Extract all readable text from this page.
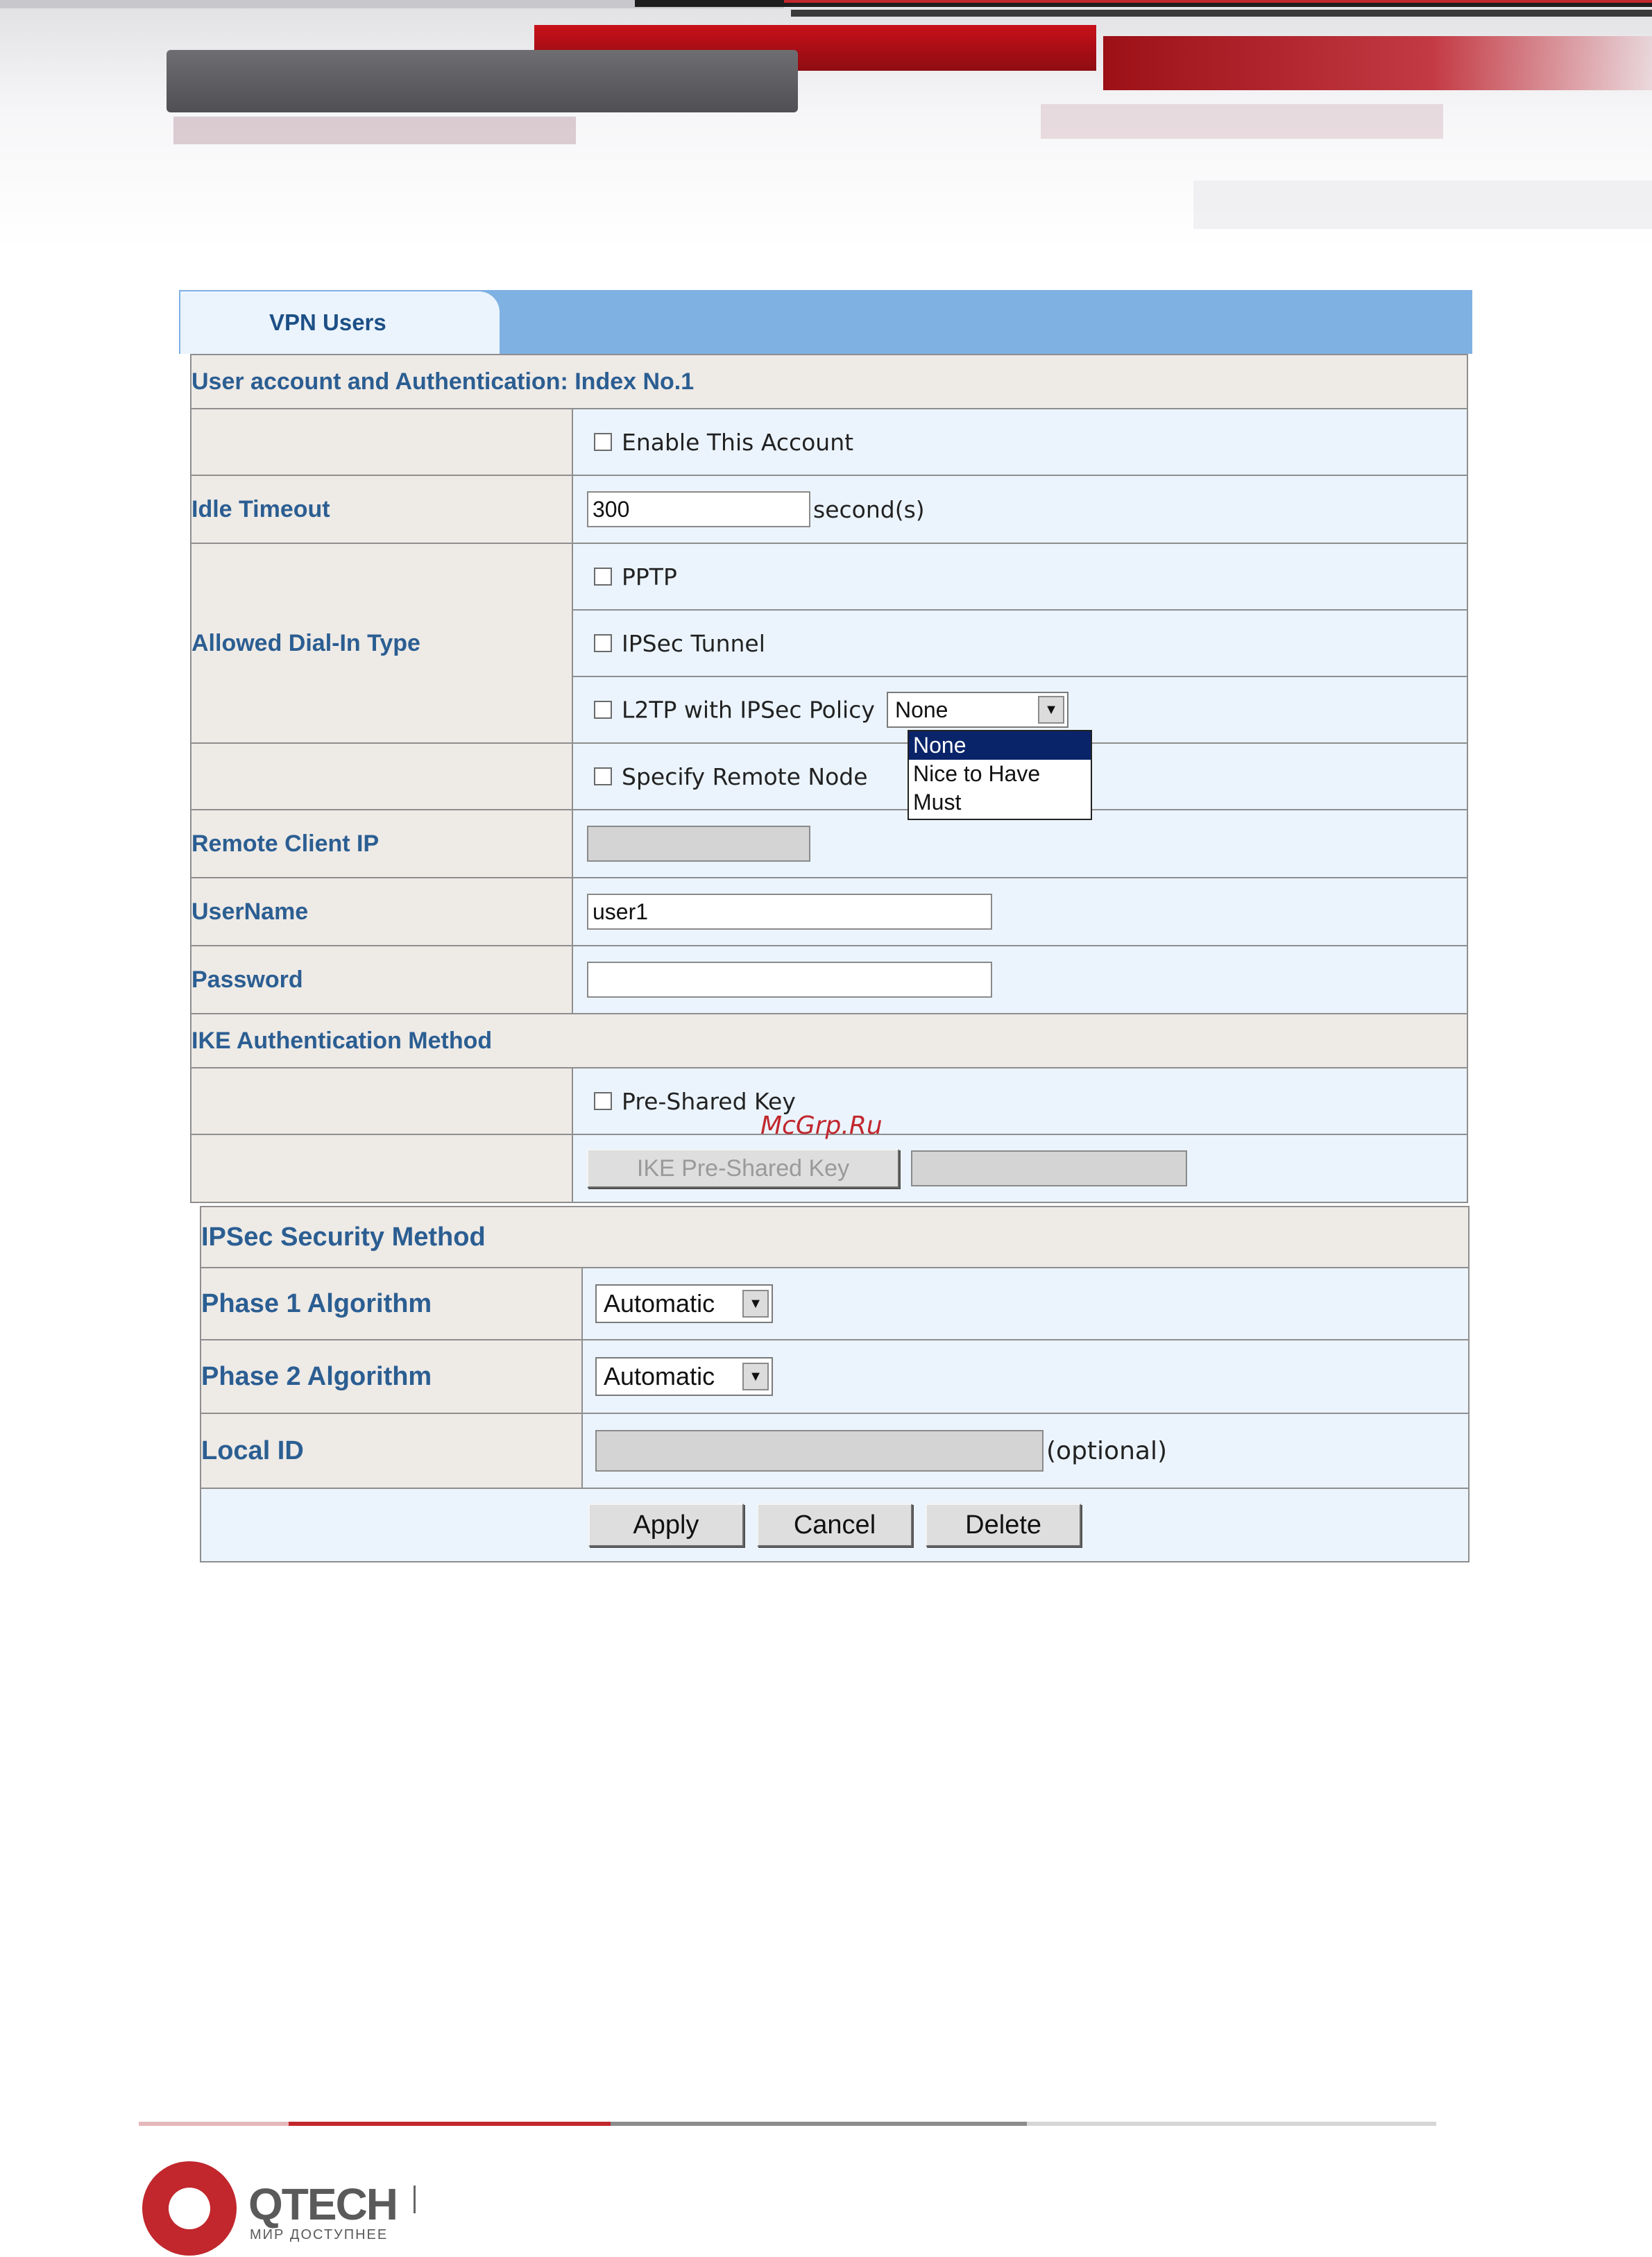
VPN Users
User account and Authentication: Index No.1	
	Enable This Account
Idle Timeout	300 second(s)
Allowed Dial-In Type	PPTP
	IPSec Tunnel
	L2TP with IPSec Policy None ▼

	Specify Remote Node
Remote Client IP	
UserName	user1
Password	
IKE Authentication Method	
	Pre-Shared Key
	IKE Pre-Shared Key
IPSec Security Method	
Phase 1 Algorithm	Automatic ▼

Phase 2 Algorithm	Automatic ▼

Local ID	(optional)
Apply Cancel Delete	
None
Nice to Have
Must
McGrp.Ru
QTECH
МИР ДОСТУПНЕЕ
